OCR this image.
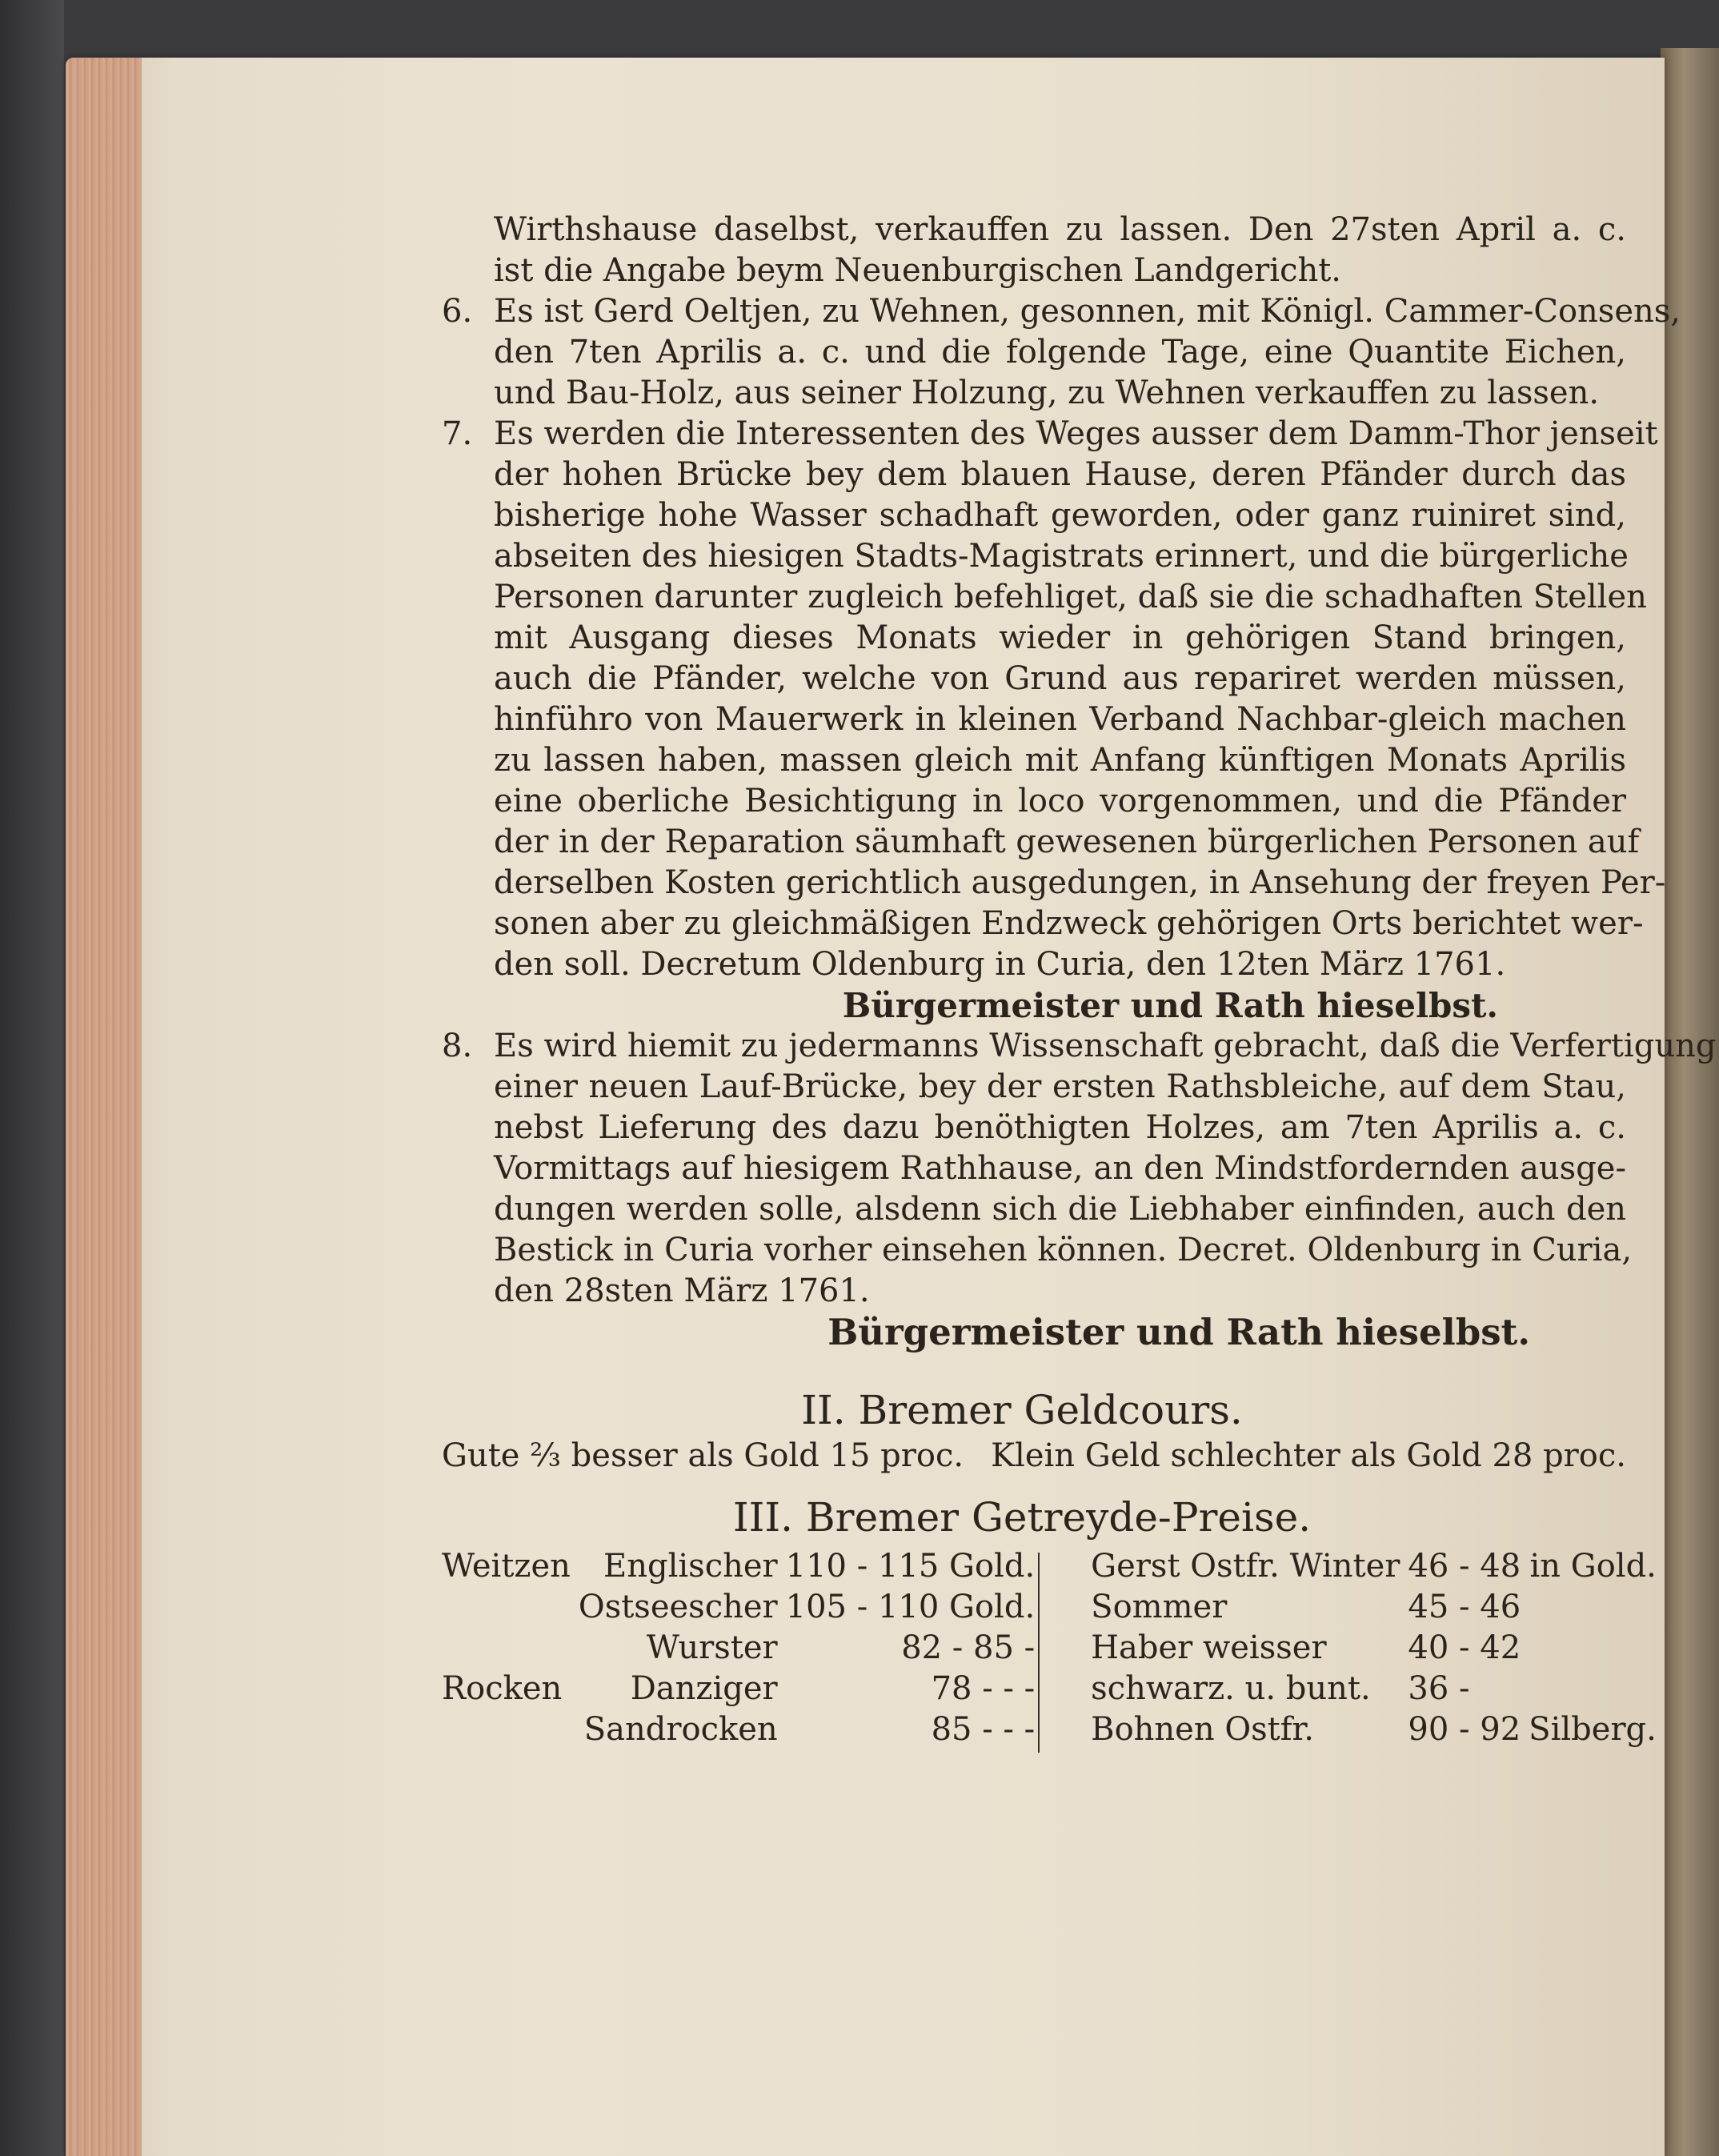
Wirthshause daselbst, verkauffen zu lassen. Den 27sten April a. c.
ist die Angabe beym Neuenburgischen Landgericht.
6. Es ist Gerd Oeltjen, zu Wehnen, gesonnen, mit Königl. Cammer-Consens,
den 7ten Aprilis a. c. und die folgende Tage, eine Quantite Eichen,
und Bau-Holz, aus seiner Holzung, zu Wehnen verkauffen zu lassen.
7. Es werden die Interessenten des Weges ausser dem Damm-Thor jenseit
der hohen Brücke bey dem blauen Hause, deren Pfänder durch das
bisherige hohe Wasser schadhaft geworden, oder ganz ruiniret sind,
abseiten des hiesigen Stadts-Magistrats erinnert, und die bürgerliche
Personen darunter zugleich befehliget, daß sie die schadhaften Stellen
mit Ausgang dieses Monats wieder in gehörigen Stand bringen,
auch die Pfänder, welche von Grund aus repariret werden müssen,
hinführo von Mauerwerk in kleinen Verband Nachbar-gleich machen
zu lassen haben, massen gleich mit Anfang künftigen Monats Aprilis
eine oberliche Besichtigung in loco vorgenommen, und die Pfänder
der in der Reparation säumhaft gewesenen bürgerlichen Personen auf
derselben Kosten gerichtlich ausgedungen, in Ansehung der freyen Per-
sonen aber zu gleichmäßigen Endzweck gehörigen Orts berichtet wer-
den soll. Decretum Oldenburg in Curia, den 12ten März 1761.
Bürgermeister und Rath hieselbst.
8. Es wird hiemit zu jedermanns Wissenschaft gebracht, daß die Verfertigung
einer neuen Lauf-Brücke, bey der ersten Rathsbleiche, auf dem Stau,
nebst Lieferung des dazu benöthigten Holzes, am 7ten Aprilis a. c.
Vormittags auf hiesigem Rathhause, an den Mindstfordernden ausge-
dungen werden solle, alsdenn sich die Liebhaber einfinden, auch den
Bestick in Curia vorher einsehen können. Decret. Oldenburg in Curia,
den 28sten März 1761.
Bürgermeister und Rath hieselbst.
II. Bremer Geldcours.
Gute ⅔ besser als Gold 15 proc. Klein Geld schlechter als Gold 28 proc.
III. Bremer Getreyde-Preise.
Weitzen	Englischer	110 - 115 Gold.	Gerst Ostfr. Winter	46 - 48	in Gold.
	Ostseescher	105 - 110 Gold.	Sommer	45 - 46	
	Wurster	82 - 85 -	Haber weisser	40 - 42	
Rocken	Danziger	78 - - -	schwarz. u. bunt.	36 -	
	Sandrocken	85 - - -	Bohnen Ostfr.	90 - 92	Silberg.
